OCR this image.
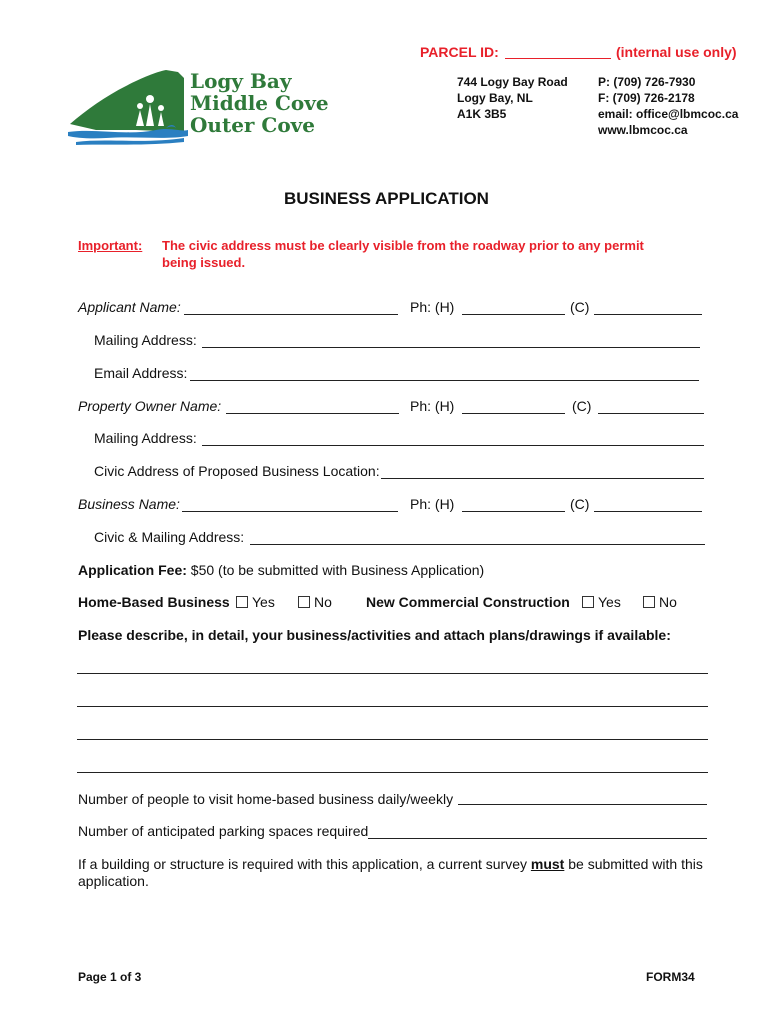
PARCEL ID:	(internal use only)
Logy Bay
Middle Cove
Outer Cove
744 Logy Bay Road
Logy Bay, NL
A1K 3B5
P: (709) 726-7930
F: (709) 726-2178
email: office@lbmcoc.ca
www.lbmcoc.ca
BUSINESS APPLICATION
Important: The civic address must be clearly visible from the roadway prior to any permit
being issued.
Applicant Name:	Ph: (H)	(C)
Mailing Address:
Email Address:
Property Owner Name:	Ph: (H)	(C)
Mailing Address:
Civic Address of Proposed Business Location:
Business Name:	Ph: (H)	(C)
Civic & Mailing Address:
Application Fee: $50 (to be submitted with Business Application)
Home-Based Business	Yes	No New Commercial Construction	Yes	No
Please describe, in detail, your business/activities and attach plans/drawings if available:
Number of people to visit home-based business daily/weekly
Number of anticipated parking spaces required
If a building or structure is required with this application, a current survey must be submitted with this
application.
Page 1 of 3	FORM34
